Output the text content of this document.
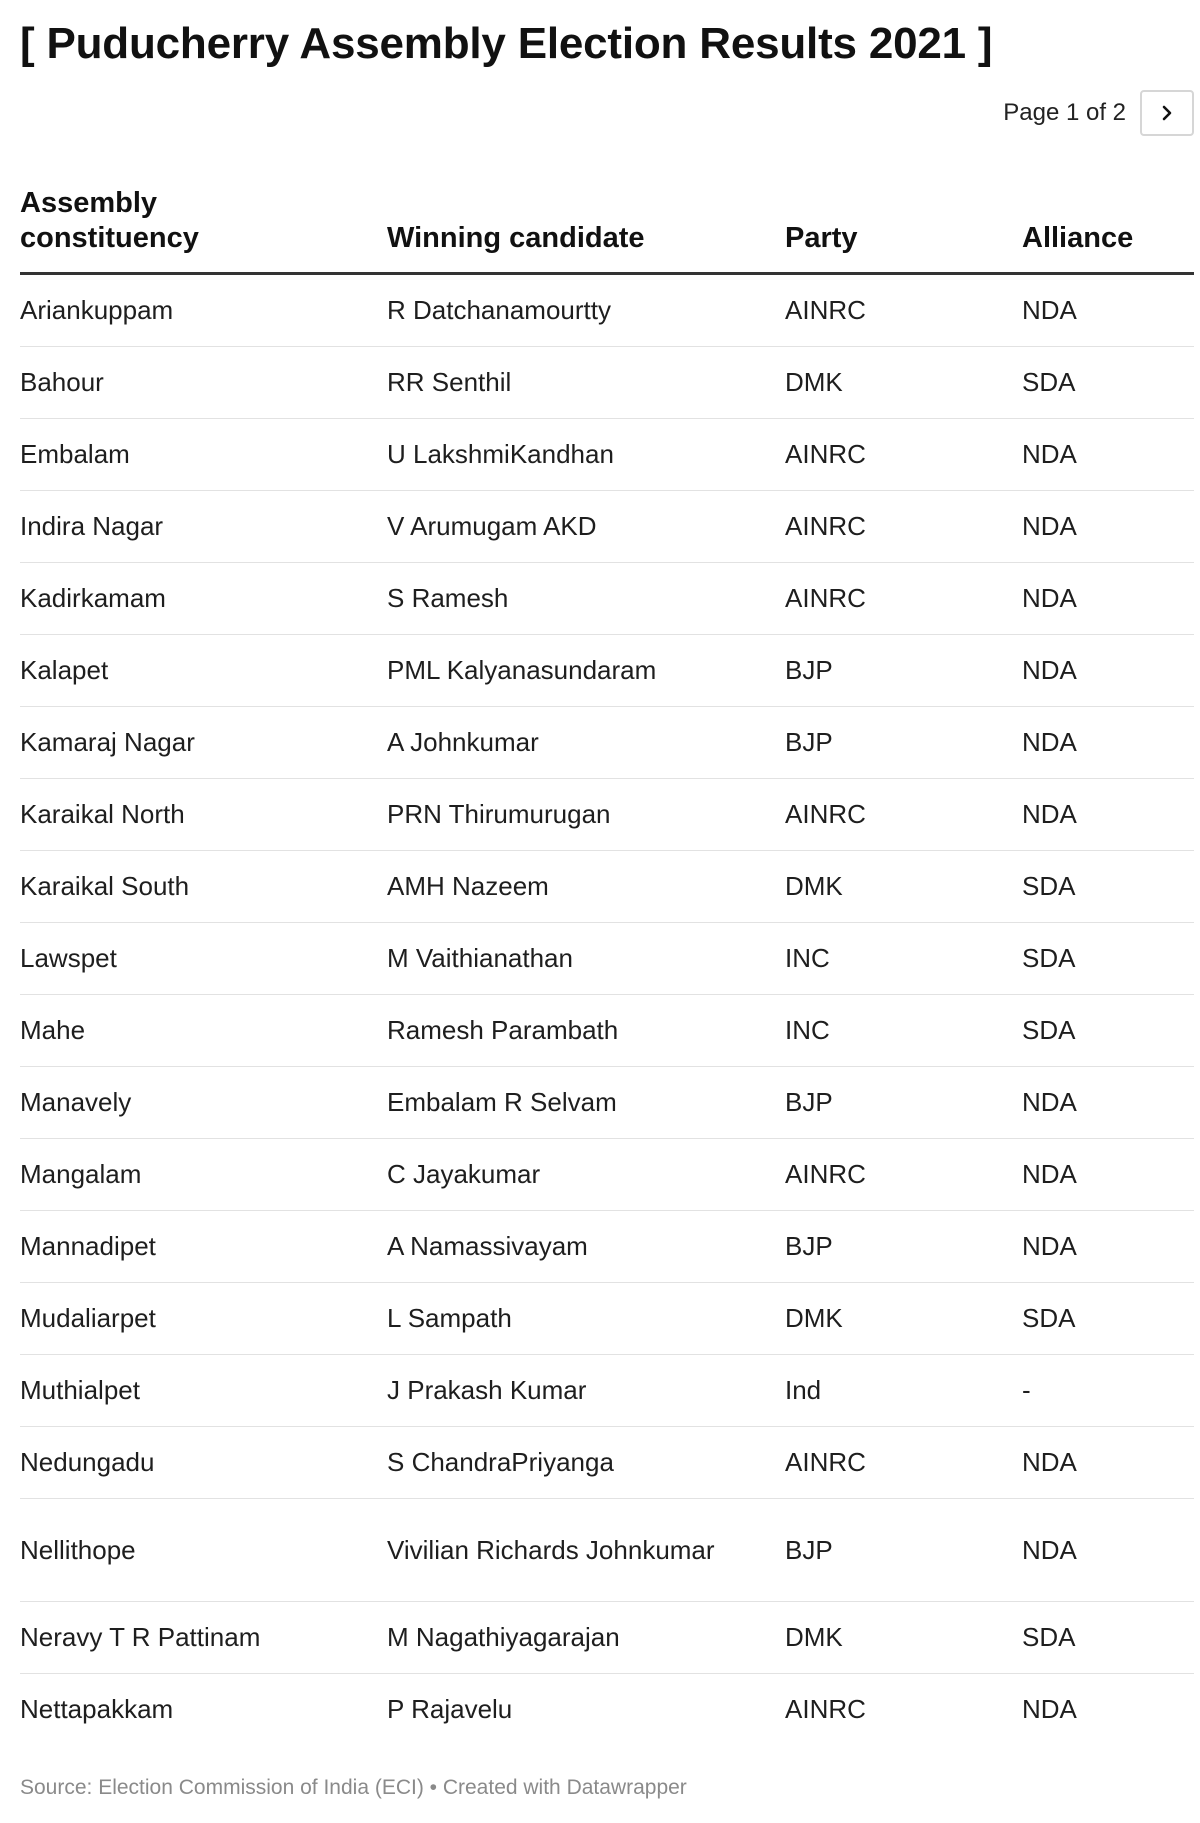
[ Puducherry Assembly Election Results 2021 ]
Page 1 of 2
Assembly constituency	Winning candidate	Party	Alliance
Ariankuppam	R Datchanamourtty	AINRC	NDA
Bahour	RR Senthil	DMK	SDA
Embalam	U LakshmiKandhan	AINRC	NDA
Indira Nagar	V Arumugam AKD	AINRC	NDA
Kadirkamam	S Ramesh	AINRC	NDA
Kalapet	PML Kalyanasundaram	BJP	NDA
Kamaraj Nagar	A Johnkumar	BJP	NDA
Karaikal North	PRN Thirumurugan	AINRC	NDA
Karaikal South	AMH Nazeem	DMK	SDA
Lawspet	M Vaithianathan	INC	SDA
Mahe	Ramesh Parambath	INC	SDA
Manavely	Embalam R Selvam	BJP	NDA
Mangalam	C Jayakumar	AINRC	NDA
Mannadipet	A Namassivayam	BJP	NDA
Mudaliarpet	L Sampath	DMK	SDA
Muthialpet	J Prakash Kumar	Ind	-
Nedungadu	S ChandraPriyanga	AINRC	NDA
Nellithope	Vivilian Richards Johnkumar	BJP	NDA
Neravy T R Pattinam	M Nagathiyagarajan	DMK	SDA
Nettapakkam	P Rajavelu	AINRC	NDA
Source: Election Commission of India (ECI) • Created with Datawrapper
